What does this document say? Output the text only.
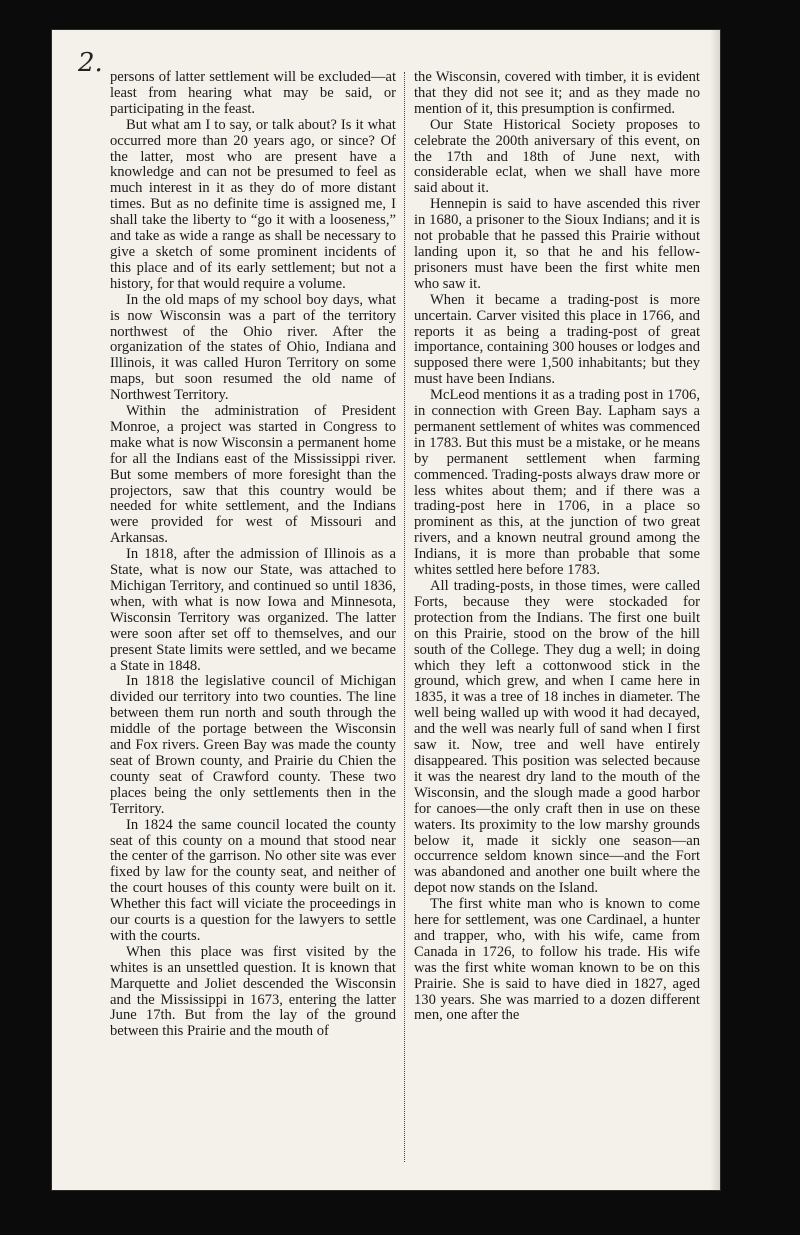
2. persons of latter settlement will be excluded—at least from hearing what may be said, or participating in the feast.

But what am I to say, or talk about? Is it what occurred more than 20 years ago, or since? Of the latter, most who are present have a knowledge and can not be presumed to feel as much interest in it as they do of more distant times. But as no definite time is assigned me, I shall take the liberty to “go it with a looseness,” and take as wide a range as shall be necessary to give a sketch of some prominent incidents of this place and of its early settlement; but not a history, for that would require a volume.

In the old maps of my school boy days, what is now Wisconsin was a part of the territory northwest of the Ohio river. After the organization of the states of Ohio, Indiana and Illinois, it was called Huron Territory on some maps, but soon resumed the old name of Northwest Territory.

Within the administration of President Monroe, a project was started in Congress to make what is now Wisconsin a permanent home for all the Indians east of the Mississippi river. But some members of more foresight than the projectors, saw that this country would be needed for white settlement, and the Indians were provided for west of Missouri and Arkansas.

In 1818, after the admission of Illinois as a State, what is now our State, was attached to Michigan Territory, and continued so until 1836, when, with what is now Iowa and Minnesota, Wisconsin Territory was organized. The latter were soon after set off to themselves, and our present State limits were settled, and we became a State in 1848.

In 1818 the legislative council of Michigan divided our territory into two counties. The line between them run north and south through the middle of the portage between the Wisconsin and Fox rivers. Green Bay was made the county seat of Brown county, and Prairie du Chien the county seat of Crawford county. These two places being the only settlements then in the Territory.

In 1824 the same council located the county seat of this county on a mound that stood near the center of the garrison. No other site was ever fixed by law for the county seat, and neither of the court houses of this county were built on it. Whether this fact will viciate the proceedings in our courts is a question for the lawyers to settle with the courts.

When this place was first visited by the whites is an unsettled question. It is known that Marquette and Joliet descended the Wisconsin and the Mississippi in 1673, entering the latter June 17th. But from the lay of the ground between this Prairie and the mouth of

the Wisconsin, covered with timber, it is evident that they did not see it; and as they made no mention of it, this presumption is confirmed.

Our State Historical Society proposes to celebrate the 200th aniversary of this event, on the 17th and 18th of June next, with considerable eclat, when we shall have more said about it.

Hennepin is said to have ascended this river in 1680, a prisoner to the Sioux Indians; and it is not probable that he passed this Prairie without landing upon it, so that he and his fellow-prisoners must have been the first white men who saw it.

When it became a trading-post is more uncertain. Carver visited this place in 1766, and reports it as being a trading-post of great importance, containing 300 houses or lodges and supposed there were 1,500 inhabitants; but they must have been Indians.

McLeod mentions it as a trading post in 1706, in connection with Green Bay. Lapham says a permanent settlement of whites was commenced in 1783. But this must be a mistake, or he means by permanent settlement when farming commenced. Trading-posts always draw more or less whites about them; and if there was a trading-post here in 1706, in a place so prominent as this, at the junction of two great rivers, and a known neutral ground among the Indians, it is more than probable that some whites settled here before 1783.

All trading-posts, in those times, were called Forts, because they were stockaded for protection from the Indians. The first one built on this Prairie, stood on the brow of the hill south of the College. They dug a well; in doing which they left a cottonwood stick in the ground, which grew, and when I came here in 1835, it was a tree of 18 inches in diameter. The well being walled up with wood it had decayed, and the well was nearly full of sand when I first saw it. Now, tree and well have entirely disappeared. This position was selected because it was the nearest dry land to the mouth of the Wisconsin, and the slough made a good harbor for canoes—the only craft then in use on these waters. Its proximity to the low marshy grounds below it, made it sickly one season—an occurrence seldom known since—and the Fort was abandoned and another one built where the depot now stands on the Island.

The first white man who is known to come here for settlement, was one Cardinael, a hunter and trapper, who, with his wife, came from Canada in 1726, to follow his trade. His wife was the first white woman known to be on this Prairie. She is said to have died in 1827, aged 130 years. She was married to a dozen different men, one after the
